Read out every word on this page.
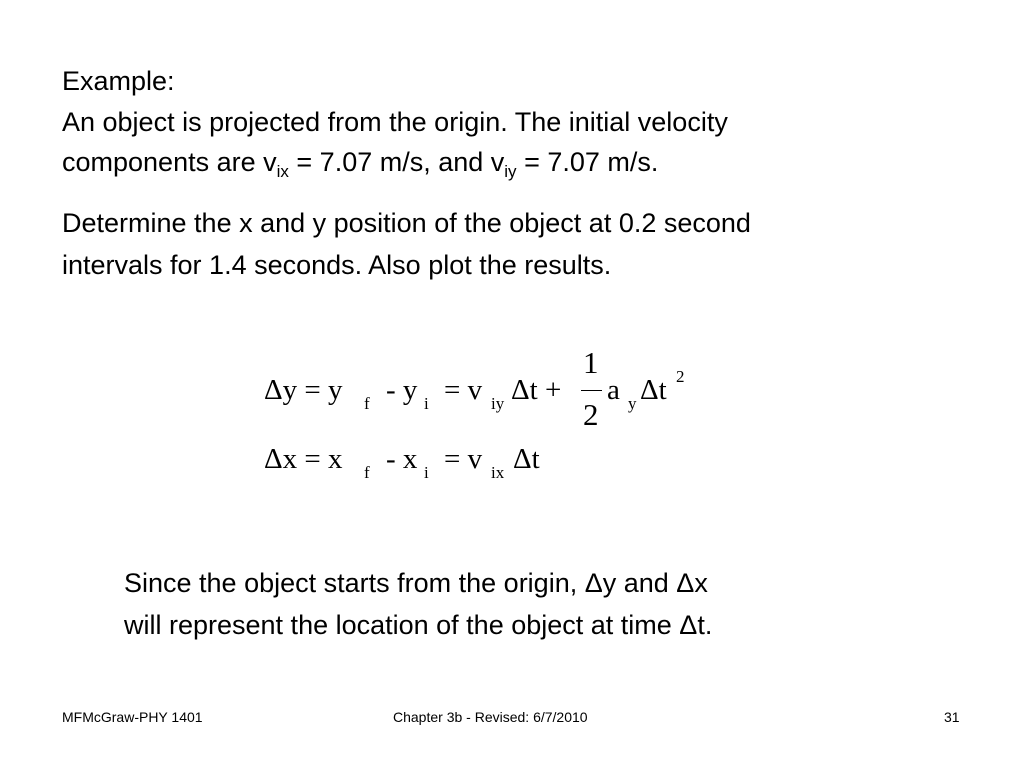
Example:
An object is projected from the origin. The initial velocity
components are $v_{ix} = 7.07$ m/s, and $v_{iy} = 7.07$ m/s.
Determine the x and y position of the object at 0.2 second
intervals for 1.4 seconds. Also plot the results.
Δy = y f - y i = v iy Δt +
1
2
a y Δt 2
Δx = x f - x i = v ix Δt
Since the object starts from the origin, Δy and Δx
will represent the location of the object at time Δt.
MFMcGraw-PHY 1401	Chapter 3b - Revised: 6/7/2010	31
